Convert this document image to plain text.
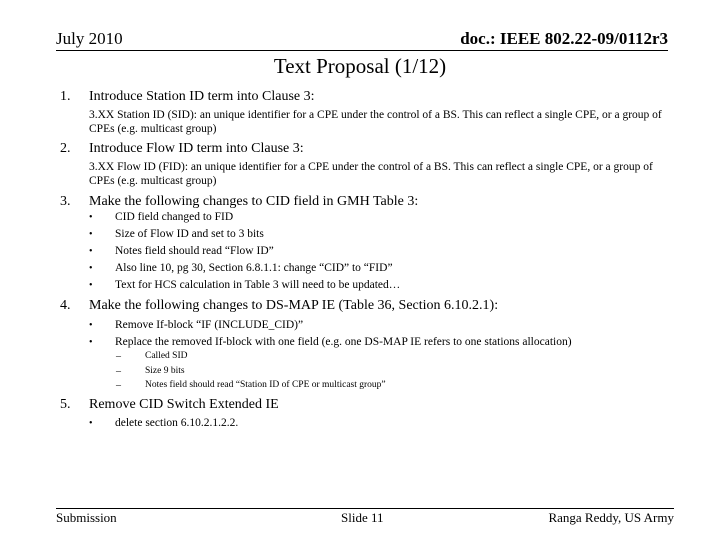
July 2010	doc.: IEEE 802.22-09/0112r3
Text Proposal (1/12)
1. Introduce Station ID term into Clause 3:
3.XX Station ID (SID): an unique identifier for a CPE under the control of a BS. This can reflect a single CPE, or a group of CPEs (e.g. multicast group)
2. Introduce Flow ID term into Clause 3:
3.XX Flow ID (FID): an unique identifier for a CPE under the control of a BS. This can reflect a single CPE, or a group of CPEs (e.g. multicast group)
3. Make the following changes to CID field in GMH Table 3:
• CID field changed to FID
• Size of Flow ID and set to 3 bits
• Notes field should read “Flow ID”
• Also line 10, pg 30, Section 6.8.1.1: change “CID” to “FID”
• Text for HCS calculation in Table 3 will need to be updated…
4. Make the following changes to DS-MAP IE (Table 36, Section 6.10.2.1):
• Remove If-block “IF (INCLUDE_CID)”
• Replace the removed If-block with one field (e.g. one DS-MAP IE refers to one stations allocation)
–	Called SID
–	Size 9 bits
–	Notes field should read “Station ID of CPE or multicast group”
5. Remove CID Switch Extended IE
• delete section 6.10.2.1.2.2.
Submission	Slide 11	Ranga Reddy, US Army
